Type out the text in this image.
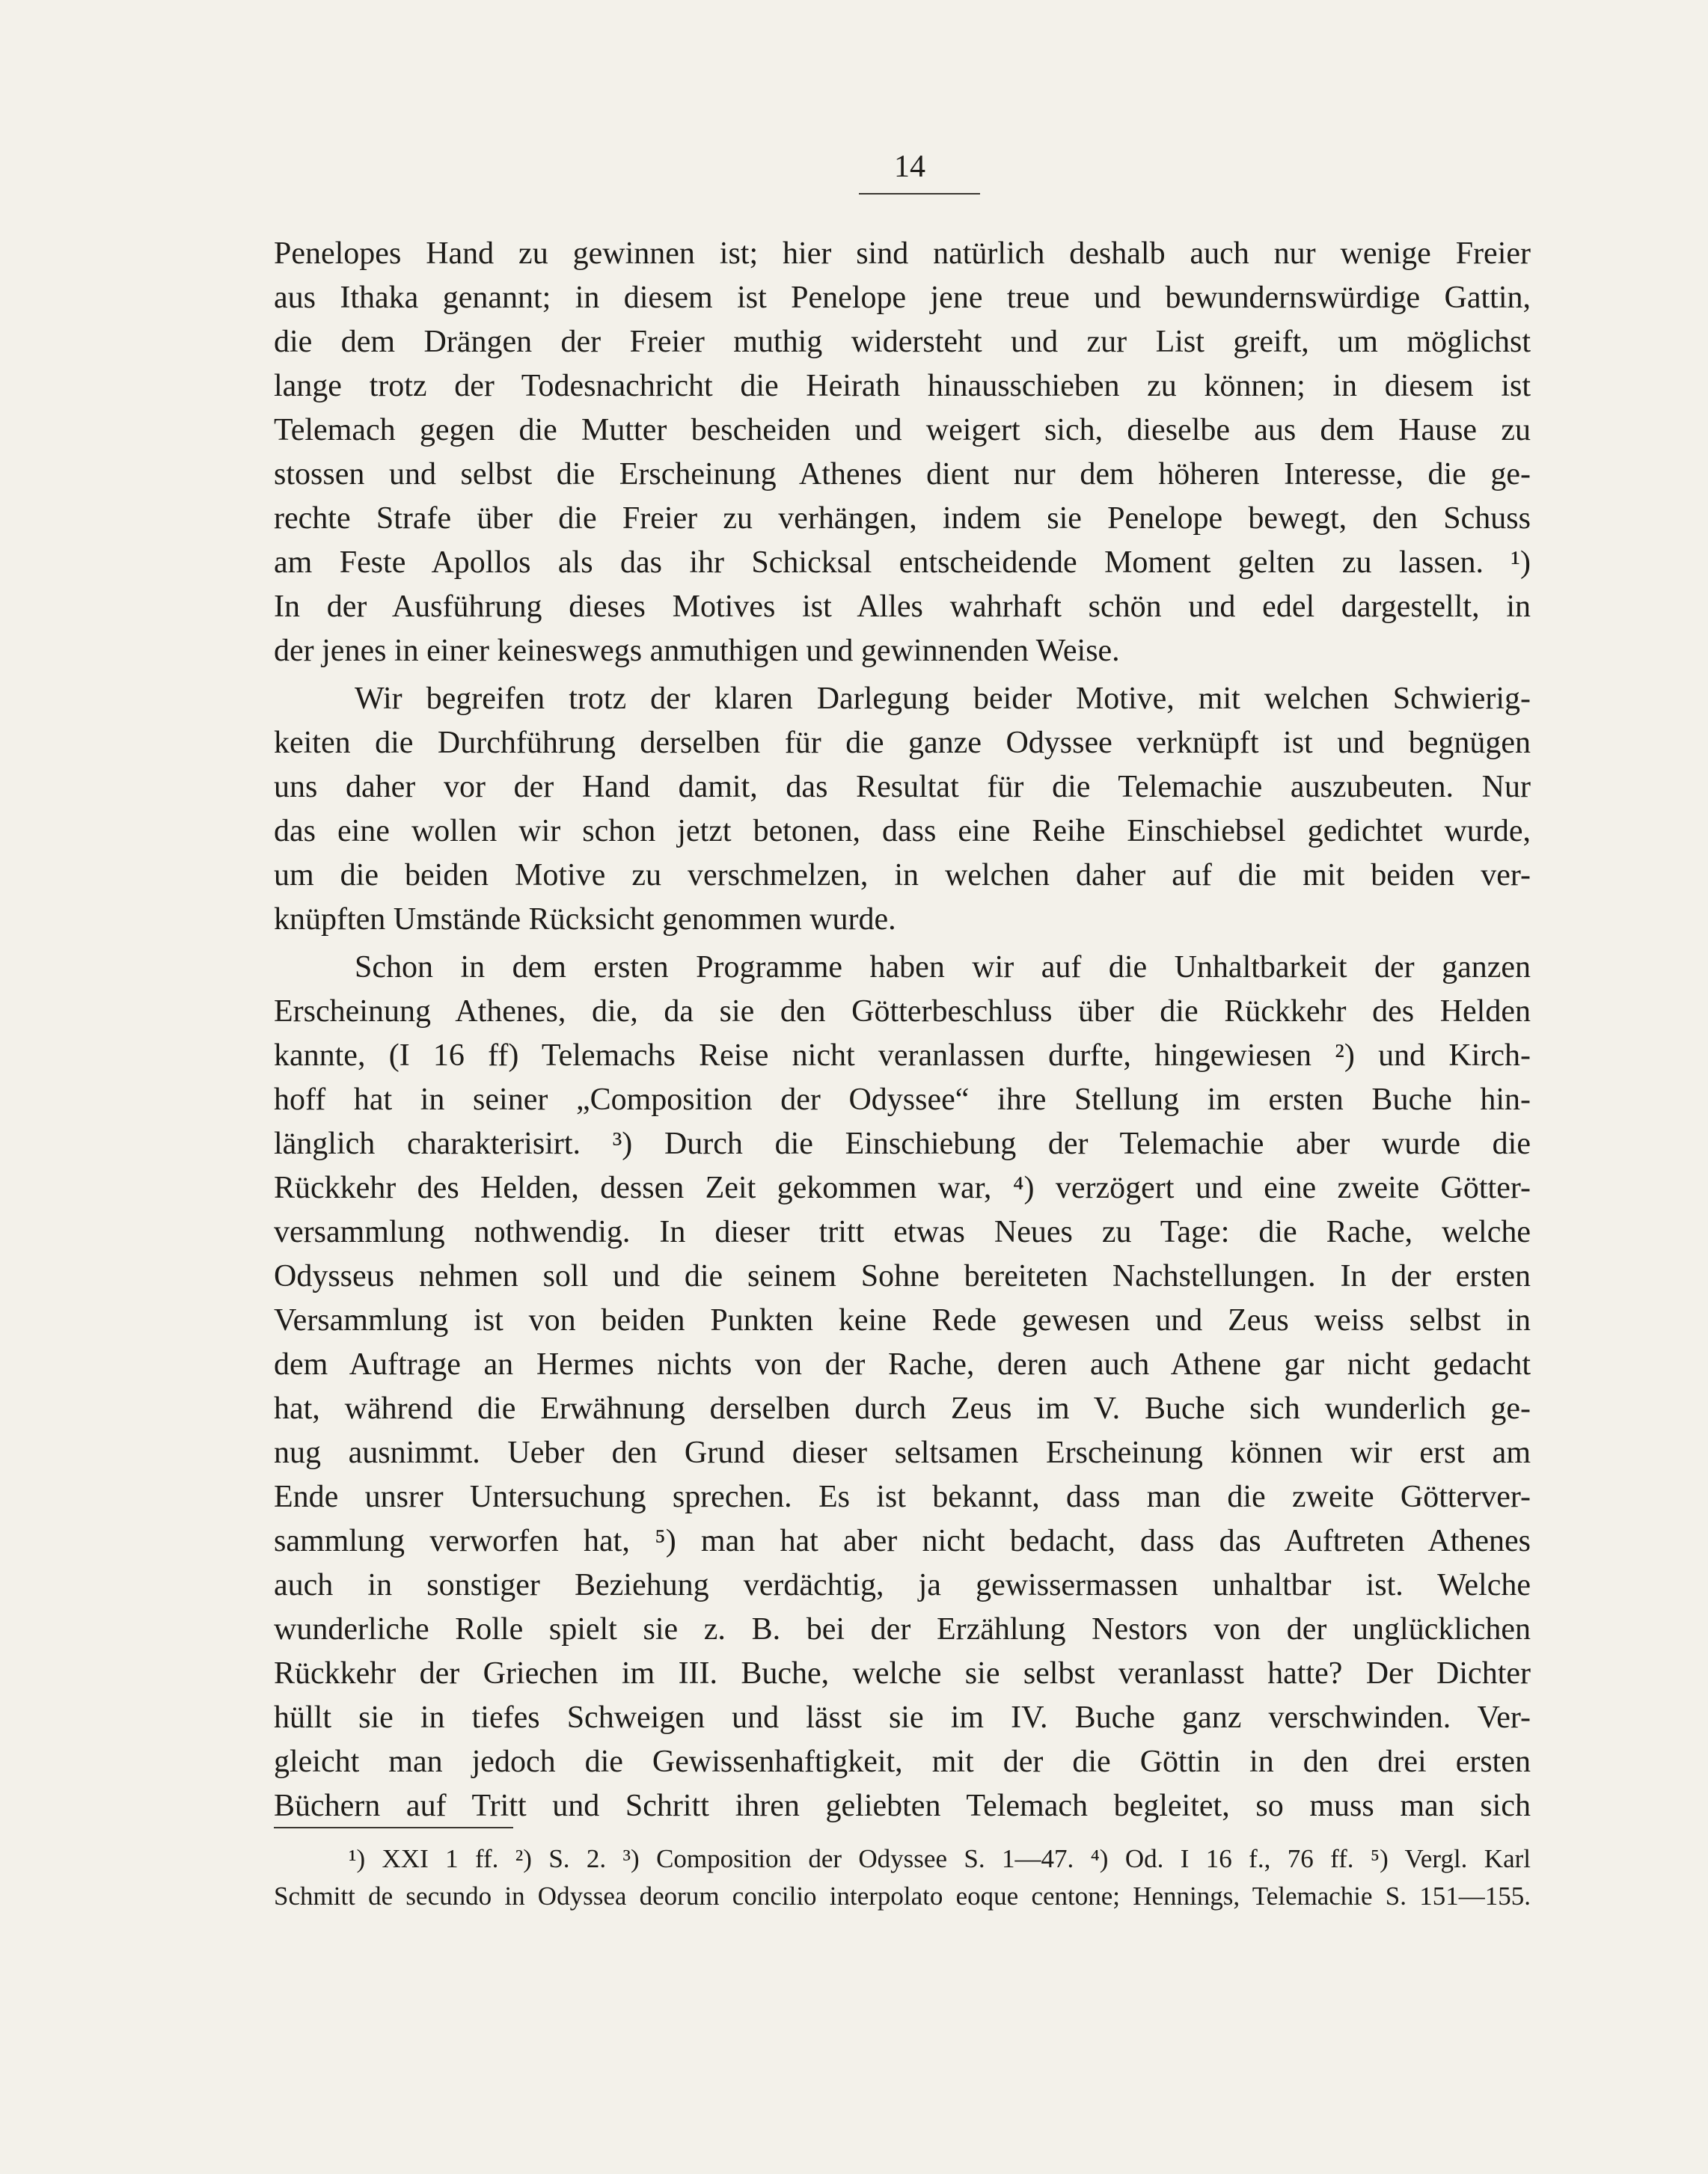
14
Penelopes Hand zu gewinnen ist; hier sind natürlich deshalb auch nur wenige Freier
aus Ithaka genannt; in diesem ist Penelope jene treue und bewundernswürdige Gattin,
die dem Drängen der Freier muthig widersteht und zur List greift, um möglichst
lange trotz der Todesnachricht die Heirath hinausschieben zu können; in diesem ist
Telemach gegen die Mutter bescheiden und weigert sich, dieselbe aus dem Hause zu
stossen und selbst die Erscheinung Athenes dient nur dem höheren Interesse, die ge-
rechte Strafe über die Freier zu verhängen, indem sie Penelope bewegt, den Schuss
am Feste Apollos als das ihr Schicksal entscheidende Moment gelten zu lassen. ¹)
In der Ausführung dieses Motives ist Alles wahrhaft schön und edel dargestellt, in
der jenes in einer keineswegs anmuthigen und gewinnenden Weise.
Wir begreifen trotz der klaren Darlegung beider Motive, mit welchen Schwierig-
keiten die Durchführung derselben für die ganze Odyssee verknüpft ist und begnügen
uns daher vor der Hand damit, das Resultat für die Telemachie auszubeuten. Nur
das eine wollen wir schon jetzt betonen, dass eine Reihe Einschiebsel gedichtet wurde,
um die beiden Motive zu verschmelzen, in welchen daher auf die mit beiden ver-
knüpften Umstände Rücksicht genommen wurde.
Schon in dem ersten Programme haben wir auf die Unhaltbarkeit der ganzen
Erscheinung Athenes, die, da sie den Götterbeschluss über die Rückkehr des Helden
kannte, (I 16 ff) Telemachs Reise nicht veranlassen durfte, hingewiesen ²) und Kirch-
hoff hat in seiner „Composition der Odyssee“ ihre Stellung im ersten Buche hin-
länglich charakterisirt. ³) Durch die Einschiebung der Telemachie aber wurde die
Rückkehr des Helden, dessen Zeit gekommen war, ⁴) verzögert und eine zweite Götter-
versammlung nothwendig. In dieser tritt etwas Neues zu Tage: die Rache, welche
Odysseus nehmen soll und die seinem Sohne bereiteten Nachstellungen. In der ersten
Versammlung ist von beiden Punkten keine Rede gewesen und Zeus weiss selbst in
dem Auftrage an Hermes nichts von der Rache, deren auch Athene gar nicht gedacht
hat, während die Erwähnung derselben durch Zeus im V. Buche sich wunderlich ge-
nug ausnimmt. Ueber den Grund dieser seltsamen Erscheinung können wir erst am
Ende unsrer Untersuchung sprechen. Es ist bekannt, dass man die zweite Götterver-
sammlung verworfen hat, ⁵) man hat aber nicht bedacht, dass das Auftreten Athenes
auch in sonstiger Beziehung verdächtig, ja gewissermassen unhaltbar ist. Welche
wunderliche Rolle spielt sie z. B. bei der Erzählung Nestors von der unglücklichen
Rückkehr der Griechen im III. Buche, welche sie selbst veranlasst hatte? Der Dichter
hüllt sie in tiefes Schweigen und lässt sie im IV. Buche ganz verschwinden. Ver-
gleicht man jedoch die Gewissenhaftigkeit, mit der die Göttin in den drei ersten
Büchern auf Tritt und Schritt ihren geliebten Telemach begleitet, so muss man sich
¹) XXI 1 ff. ²) S. 2. ³) Composition der Odyssee S. 1—47. ⁴) Od. I 16 f., 76 ff. ⁵) Vergl. Karl
Schmitt de secundo in Odyssea deorum concilio interpolato eoque centone; Hennings, Telemachie S. 151—155.
